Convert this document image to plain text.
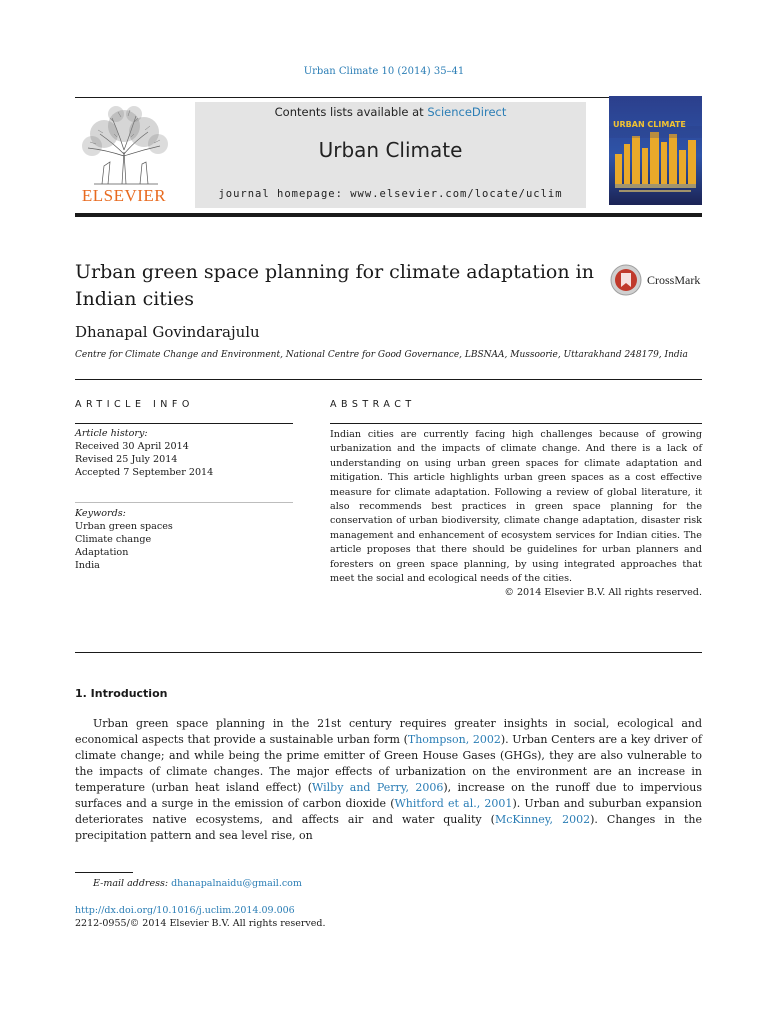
Urban Climate 10 (2014) 35–41
ELSEVIER
Contents lists available at ScienceDirect
Urban Climate
journal homepage: www.elsevier.com/locate/uclim
URBAN CLIMATE
Urban green space planning for climate adaptation in Indian cities
CrossMark
Dhanapal Govindarajulu
Centre for Climate Change and Environment, National Centre for Good Governance, LBSNAA, Mussoorie, Uttarakhand 248179, India
ARTICLE INFO	ABSTRACT
Article history:
Received 30 April 2014
Revised 25 July 2014
Accepted 7 September 2014
Keywords:
Urban green spaces
Climate change
Adaptation
India
Indian cities are currently facing high challenges because of growing urbanization and the impacts of climate change. And there is a lack of understanding on using urban green spaces for climate adaptation and mitigation. This article highlights urban green spaces as a cost effective measure for climate adaptation. Following a review of global literature, it also recommends best practices in green space planning for the conservation of urban biodiversity, climate change adaptation, disaster risk management and enhancement of ecosystem services for Indian cities. The article proposes that there should be guidelines for urban planners and foresters on green space planning, by using integrated approaches that meet the social and ecological needs of the cities.
© 2014 Elsevier B.V. All rights reserved.
1. Introduction

Urban green space planning in the 21st century requires greater insights in social, ecological and economical aspects that provide a sustainable urban form (Thompson, 2002). Urban Centers are a key driver of climate change; and while being the prime emitter of Green House Gases (GHGs), they are also vulnerable to the impacts of climate changes. The major effects of urbanization on the environment are an increase in temperature (urban heat island effect) (Wilby and Perry, 2006), increase on the runoff due to impervious surfaces and a surge in the emission of carbon dioxide (Whitford et al., 2001). Urban and suburban expansion deteriorates native ecosystems, and affects air and water quality (McKinney, 2002). Changes in the precipitation pattern and sea level rise, on

E-mail address: dhanapalnaidu@gmail.com
http://dx.doi.org/10.1016/j.uclim.2014.09.006
2212-0955/© 2014 Elsevier B.V. All rights reserved.
